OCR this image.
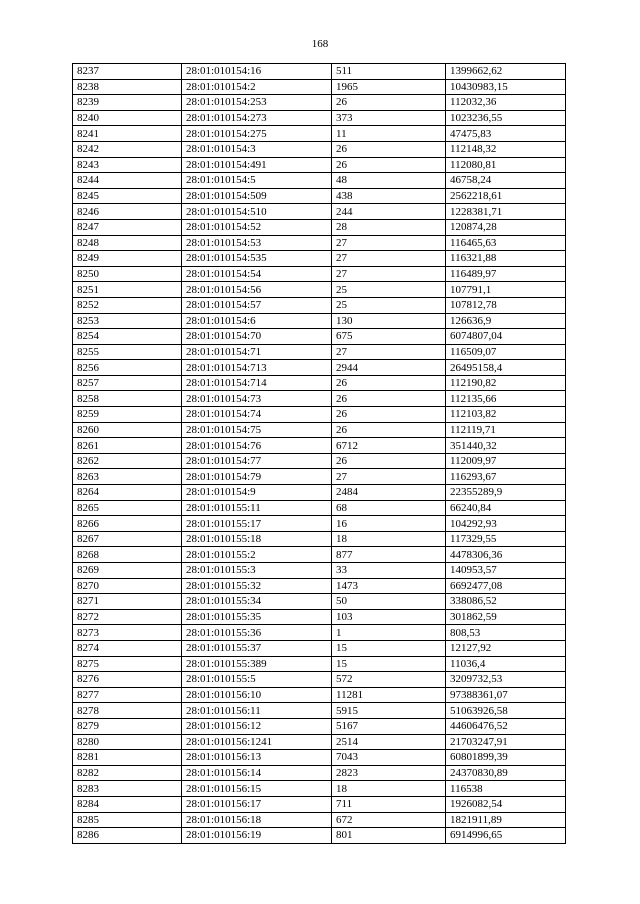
168
8237	28:01:010154:16	511	1399662,62
8238	28:01:010154:2	1965	10430983,15
8239	28:01:010154:253	26	112032,36
8240	28:01:010154:273	373	1023236,55
8241	28:01:010154:275	11	47475,83
8242	28:01:010154:3	26	112148,32
8243	28:01:010154:491	26	112080,81
8244	28:01:010154:5	48	46758,24
8245	28:01:010154:509	438	2562218,61
8246	28:01:010154:510	244	1228381,71
8247	28:01:010154:52	28	120874,28
8248	28:01:010154:53	27	116465,63
8249	28:01:010154:535	27	116321,88
8250	28:01:010154:54	27	116489,97
8251	28:01:010154:56	25	107791,1
8252	28:01:010154:57	25	107812,78
8253	28:01:010154:6	130	126636,9
8254	28:01:010154:70	675	6074807,04
8255	28:01:010154:71	27	116509,07
8256	28:01:010154:713	2944	26495158,4
8257	28:01:010154:714	26	112190,82
8258	28:01:010154:73	26	112135,66
8259	28:01:010154:74	26	112103,82
8260	28:01:010154:75	26	112119,71
8261	28:01:010154:76	6712	351440,32
8262	28:01:010154:77	26	112009,97
8263	28:01:010154:79	27	116293,67
8264	28:01:010154:9	2484	22355289,9
8265	28:01:010155:11	68	66240,84
8266	28:01:010155:17	16	104292,93
8267	28:01:010155:18	18	117329,55
8268	28:01:010155:2	877	4478306,36
8269	28:01:010155:3	33	140953,57
8270	28:01:010155:32	1473	6692477,08
8271	28:01:010155:34	50	338086,52
8272	28:01:010155:35	103	301862,59
8273	28:01:010155:36	1	808,53
8274	28:01:010155:37	15	12127,92
8275	28:01:010155:389	15	11036,4
8276	28:01:010155:5	572	3209732,53
8277	28:01:010156:10	11281	97388361,07
8278	28:01:010156:11	5915	51063926,58
8279	28:01:010156:12	5167	44606476,52
8280	28:01:010156:1241	2514	21703247,91
8281	28:01:010156:13	7043	60801899,39
8282	28:01:010156:14	2823	24370830,89
8283	28:01:010156:15	18	116538
8284	28:01:010156:17	711	1926082,54
8285	28:01:010156:18	672	1821911,89
8286	28:01:010156:19	801	6914996,65
